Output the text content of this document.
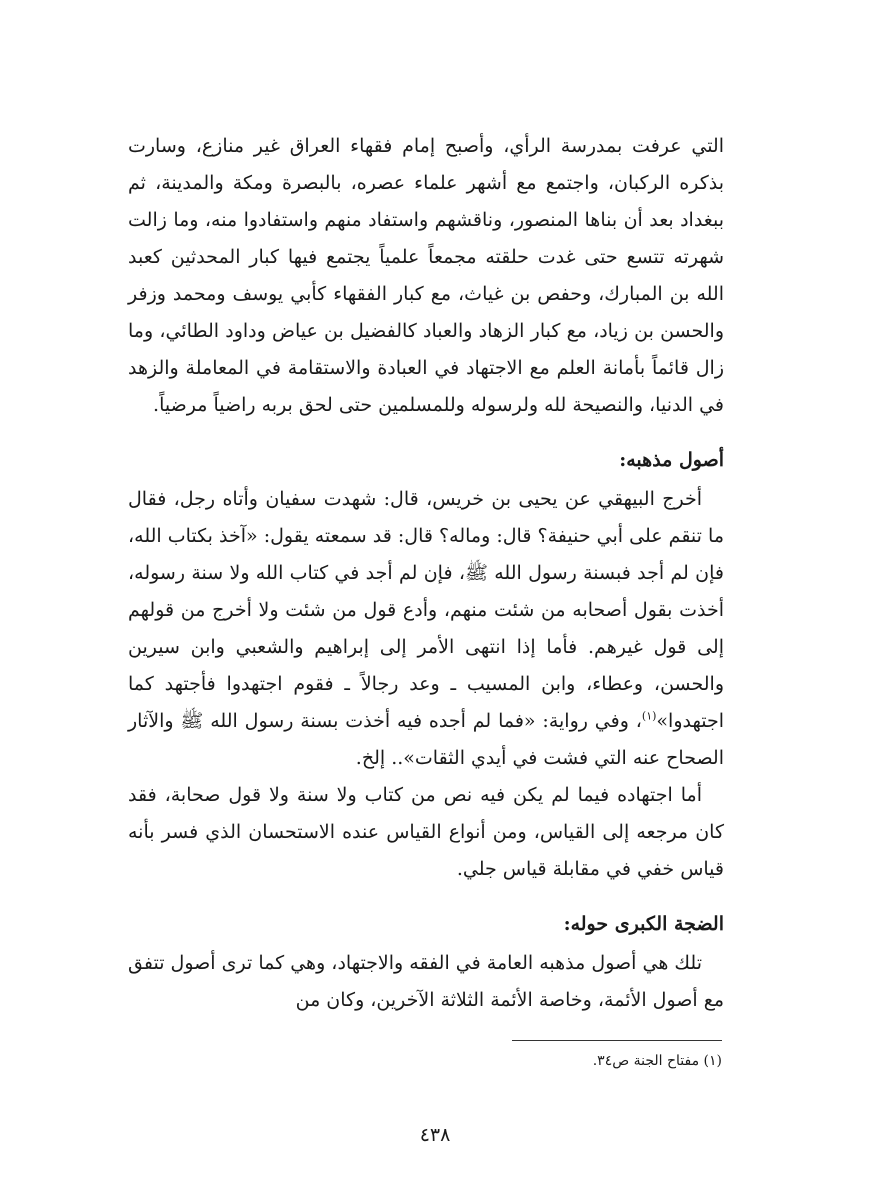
التي عرفت بمدرسة الرأي، وأصبح إمام فقهاء العراق غير منازع، وسارت بذكره الركبان، واجتمع مع أشهر علماء عصره، بالبصرة ومكة والمدينة، ثم ببغداد بعد أن بناها المنصور، وناقشهم واستفاد منهم واستفادوا منه، وما زالت شهرته تتسع حتى غدت حلقته مجمعاً علمياً يجتمع فيها كبار المحدثين كعبد الله بن المبارك، وحفص بن غياث، مع كبار الفقهاء كأبي يوسف ومحمد وزفر والحسن بن زياد، مع كبار الزهاد والعباد كالفضيل بن عياض وداود الطائي، وما زال قائماً بأمانة العلم مع الاجتهاد في العبادة والاستقامة في المعاملة والزهد في الدنيا، والنصيحة لله ولرسوله وللمسلمين حتى لحق بربه راضياً مرضياً.

أصول مذهبه:

أخرج البيهقي عن يحيى بن خريس، قال: شهدت سفيان وأتاه رجل، فقال ما تنقم على أبي حنيفة؟ قال: وماله؟ قال: قد سمعته يقول: «آخذ بكتاب الله، فإن لم أجد فبسنة رسول الله ﷺ، فإن لم أجد في كتاب الله ولا سنة رسوله، أخذت بقول أصحابه من شئت منهم، وأدع قول من شئت ولا أخرج من قولهم إلى قول غيرهم. فأما إذا انتهى الأمر إلى إبراهيم والشعبي وابن سيرين والحسن، وعطاء، وابن المسيب ـ وعد رجالاً ـ فقوم اجتهدوا فأجتهد كما اجتهدوا»$^{(١)}$، وفي رواية: «فما لم أجده فيه أخذت بسنة رسول الله ﷺ والآثار الصحاح عنه التي فشت في أيدي الثقات».. إلخ.

أما اجتهاده فيما لم يكن فيه نص من كتاب ولا سنة ولا قول صحابة، فقد كان مرجعه إلى القياس، ومن أنواع القياس عنده الاستحسان الذي فسر بأنه قياس خفي في مقابلة قياس جلي.

الضجة الكبرى حوله:

تلك هي أصول مذهبه العامة في الفقه والاجتهاد، وهي كما ترى أصول تتفق مع أصول الأئمة، وخاصة الأئمة الثلاثة الآخرين، وكان من

(١) مفتاح الجنة ص٣٤.
٤٣٨
